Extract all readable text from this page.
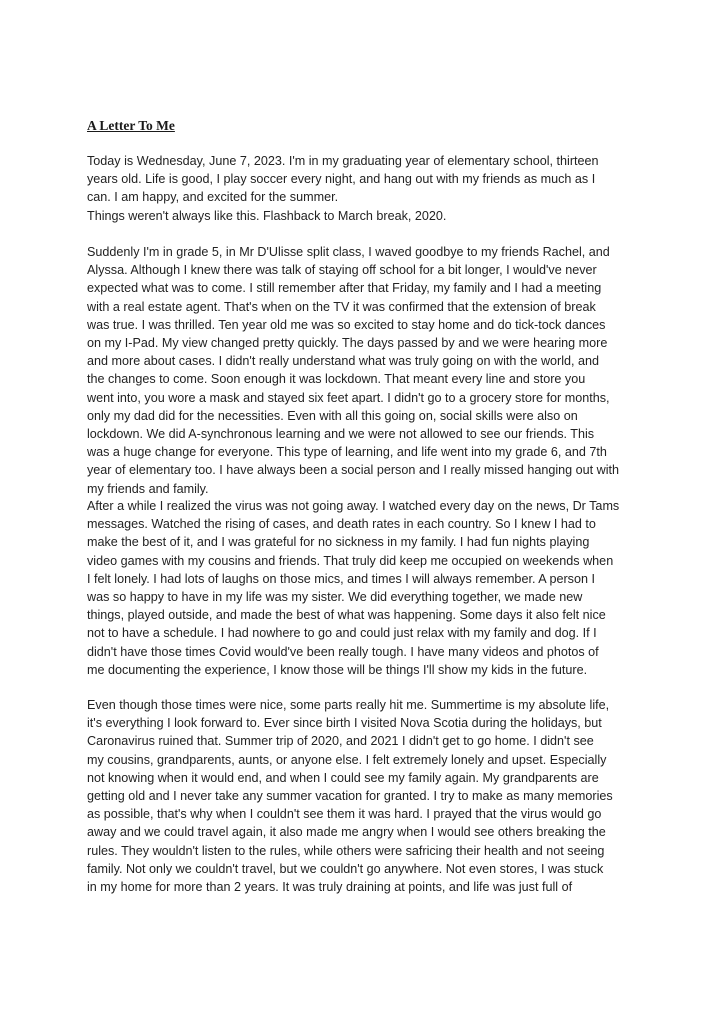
A Letter To Me

Today is Wednesday, June 7, 2023. I'm in my graduating year of elementary school, thirteen
years old. Life is good, I play soccer every night, and hang out with my friends as much as I
can. I am happy, and excited for the summer.
Things weren't always like this. Flashback to March break, 2020.

Suddenly I'm in grade 5, in Mr D'Ulisse split class, I waved goodbye to my friends Rachel, and
Alyssa. Although I knew there was talk of staying off school for a bit longer, I would've never
expected what was to come. I still remember after that Friday, my family and I had a meeting
with a real estate agent. That's when on the TV it was confirmed that the extension of break
was true. I was thrilled. Ten year old me was so excited to stay home and do tick-tock dances
on my I-Pad. My view changed pretty quickly. The days passed by and we were hearing more
and more about cases. I didn't really understand what was truly going on with the world, and
the changes to come. Soon enough it was lockdown. That meant every line and store you
went into, you wore a mask and stayed six feet apart. I didn't go to a grocery store for months,
only my dad did for the necessities. Even with all this going on, social skills were also on
lockdown. We did A-synchronous learning and we were not allowed to see our friends. This
was a huge change for everyone. This type of learning, and life went into my grade 6, and 7th
year of elementary too. I have always been a social person and I really missed hanging out with
my friends and family.

After a while I realized the virus was not going away. I watched every day on the news, Dr Tams
messages. Watched the rising of cases, and death rates in each country. So I knew I had to
make the best of it, and I was grateful for no sickness in my family. I had fun nights playing
video games with my cousins and friends. That truly did keep me occupied on weekends when
I felt lonely. I had lots of laughs on those mics, and times I will always remember. A person I
was so happy to have in my life was my sister. We did everything together, we made new
things, played outside, and made the best of what was happening. Some days it also felt nice
not to have a schedule. I had nowhere to go and could just relax with my family and dog. If I
didn't have those times Covid would've been really tough. I have many videos and photos of
me documenting the experience, I know those will be things I'll show my kids in the future.

Even though those times were nice, some parts really hit me. Summertime is my absolute life,
it's everything I look forward to. Ever since birth I visited Nova Scotia during the holidays, but
Caronavirus ruined that. Summer trip of 2020, and 2021 I didn't get to go home. I didn't see
my cousins, grandparents, aunts, or anyone else. I felt extremely lonely and upset. Especially
not knowing when it would end, and when I could see my family again. My grandparents are
getting old and I never take any summer vacation for granted. I try to make as many memories
as possible, that's why when I couldn't see them it was hard. I prayed that the virus would go
away and we could travel again, it also made me angry when I would see others breaking the
rules. They wouldn't listen to the rules, while others were safricing their health and not seeing
family. Not only we couldn't travel, but we couldn't go anywhere. Not even stores, I was stuck
in my home for more than 2 years. It was truly draining at points, and life was just full of
